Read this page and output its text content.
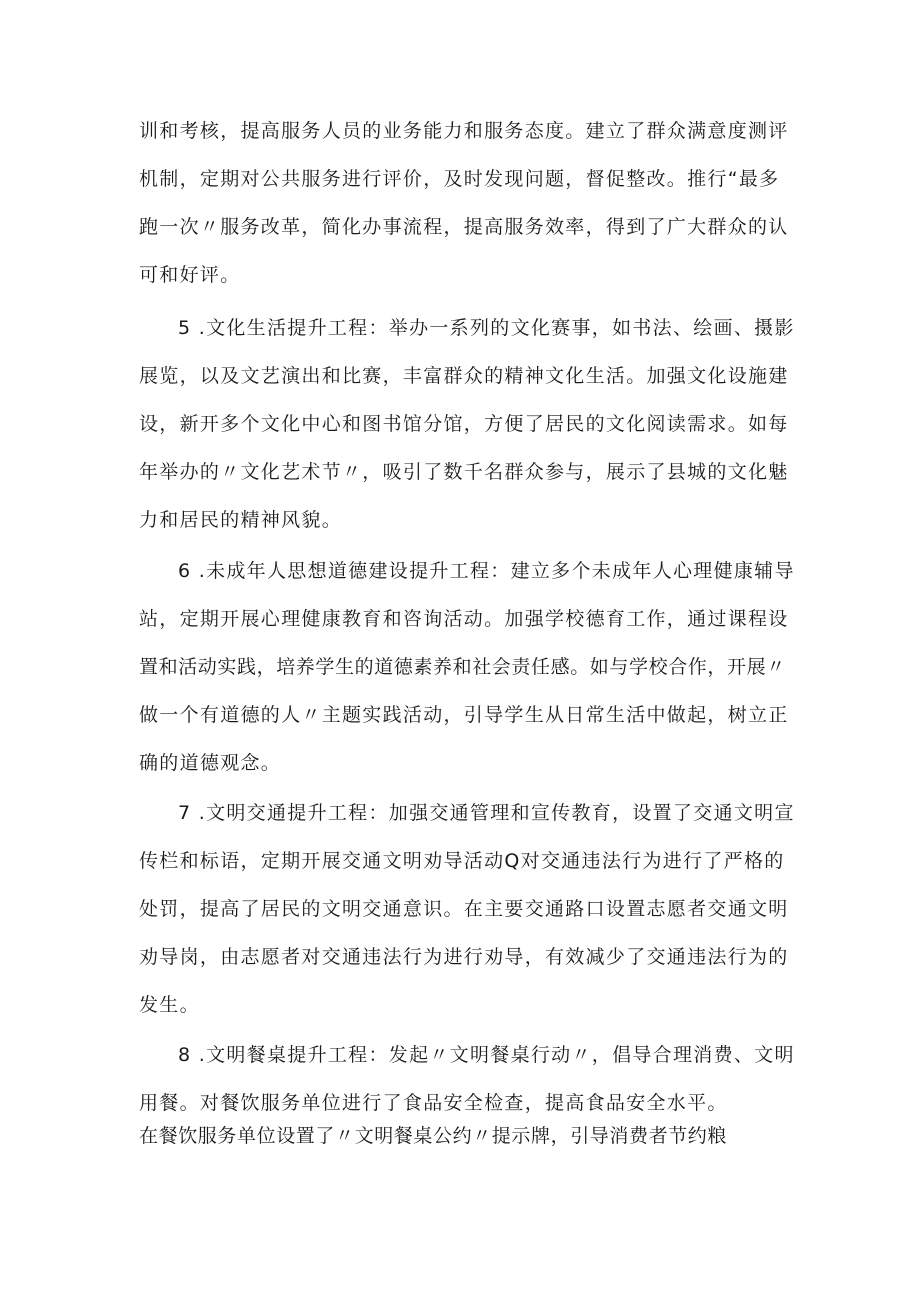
训和考核，提高服务人员的业务能力和服务态度。建立了群众满意度测评

机制，定期对公共服务进行评价，及时发现问题，督促整改。推行“最多

跑一次〃服务改革，简化办事流程，提高服务效率，得到了广大群众的认

可和好评。

5 .文化生活提升工程：举办一系列的文化赛事，如书法、绘画、摄影

展览，以及文艺演出和比赛，丰富群众的精神文化生活。加强文化设施建

设，新开多个文化中心和图书馆分馆，方便了居民的文化阅读需求。如每

年举办的〃文化艺术节〃，吸引了数千名群众参与，展示了县城的文化魅

力和居民的精神风貌。

6 .未成年人思想道德建设提升工程：建立多个未成年人心理健康辅导

站，定期开展心理健康教育和咨询活动。加强学校德育工作，通过课程设

置和活动实践，培养学生的道德素养和社会责任感。如与学校合作，开展〃

做一个有道德的人〃主题实践活动，引导学生从日常生活中做起，树立正

确的道德观念。

7 .文明交通提升工程：加强交通管理和宣传教育，设置了交通文明宣

传栏和标语，定期开展交通文明劝导活动Q对交通违法行为进行了严格的

处罚，提高了居民的文明交通意识。在主要交通路口设置志愿者交通文明

劝导岗，由志愿者对交通违法行为进行劝导，有效减少了交通违法行为的

发生。

8 .文明餐桌提升工程：发起〃文明餐桌行动〃，倡导合理消费、文明

用餐。对餐饮服务单位进行了食品安全检查，提高食品安全水平。

在餐饮服务单位设置了〃文明餐桌公约〃提示牌，引导消费者节约粮
